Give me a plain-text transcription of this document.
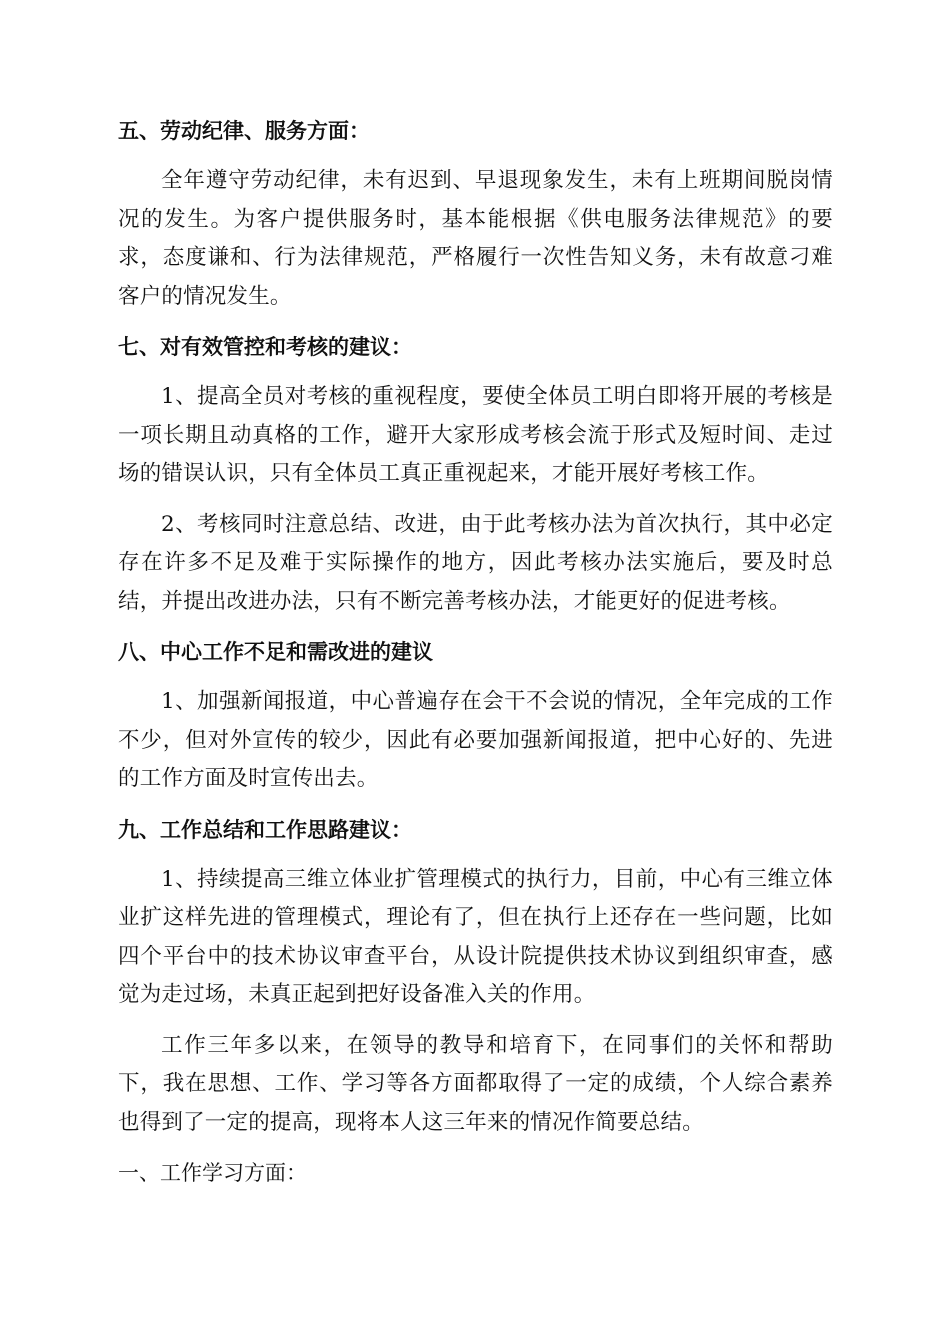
五、劳动纪律、服务方面：

全年遵守劳动纪律，未有迟到、早退现象发生，未有上班期间脱岗情况的发生。为客户提供服务时，基本能根据《供电服务法律规范》的要求，态度谦和、行为法律规范，严格履行一次性告知义务，未有故意刁难客户的情况发生。

七、对有效管控和考核的建议：

1、提高全员对考核的重视程度，要使全体员工明白即将开展的考核是一项长期且动真格的工作，避开大家形成考核会流于形式及短时间、走过场的错误认识，只有全体员工真正重视起来，才能开展好考核工作。

2、考核同时注意总结、改进，由于此考核办法为首次执行，其中必定存在许多不足及难于实际操作的地方，因此考核办法实施后，要及时总结，并提出改进办法，只有不断完善考核办法，才能更好的促进考核。

八、中心工作不足和需改进的建议

1、加强新闻报道，中心普遍存在会干不会说的情况，全年完成的工作不少，但对外宣传的较少，因此有必要加强新闻报道，把中心好的、先进的工作方面及时宣传出去。

九、工作总结和工作思路建议：

1、持续提高三维立体业扩管理模式的执行力，目前，中心有三维立体业扩这样先进的管理模式，理论有了，但在执行上还存在一些问题，比如四个平台中的技术协议审查平台，从设计院提供技术协议到组织审查，感觉为走过场，未真正起到把好设备准入关的作用。

工作三年多以来，在领导的教导和培育下，在同事们的关怀和帮助下，我在思想、工作、学习等各方面都取得了一定的成绩，个人综合素养也得到了一定的提高，现将本人这三年来的情况作简要总结。

一、工作学习方面：
